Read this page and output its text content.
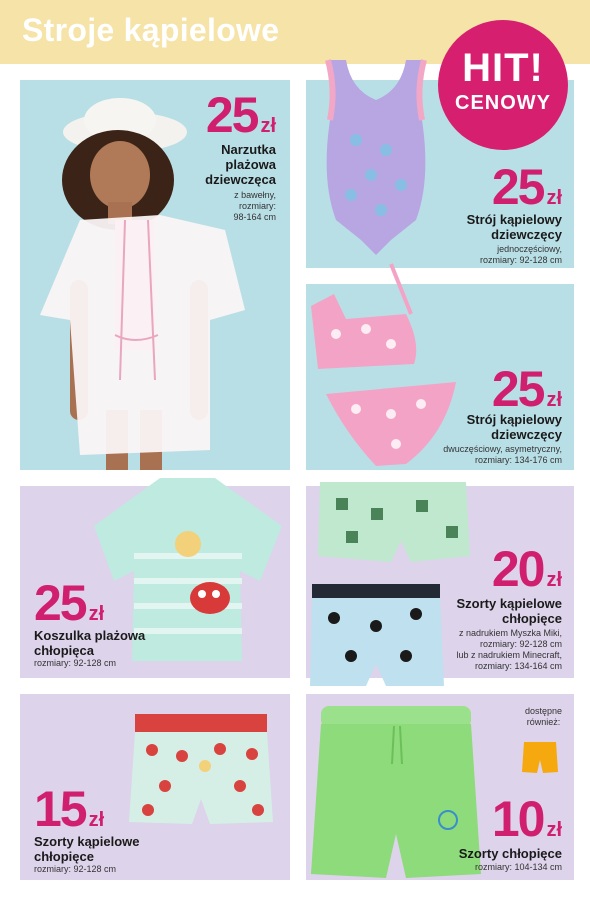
Stroje kąpielowe
25 zł
Narzutka
plażowa
dziewczęca
z bawełny,
rozmiary:
98-164 cm
HIT!
CENOWY
25 zł
Strój kąpielowy
dziewczęcy
jednoczęściowy,
rozmiary: 92-128 cm
25 zł
Strój kąpielowy
dziewczęcy
dwuczęściowy, asymetryczny,
rozmiary: 134-176 cm
25 zł
Koszulka plażowa
chłopięca
rozmiary: 92-128 cm
20 zł
Szorty kąpielowe
chłopięce
z nadrukiem Myszka Miki,
rozmiary: 92-128 cm
lub z nadrukiem Minecraft,
rozmiary: 134-164 cm
15 zł
Szorty kąpielowe
chłopięce
rozmiary: 92-128 cm
dostępne
również:
10 zł
Szorty chłopięce
rozmiary: 104-134 cm
